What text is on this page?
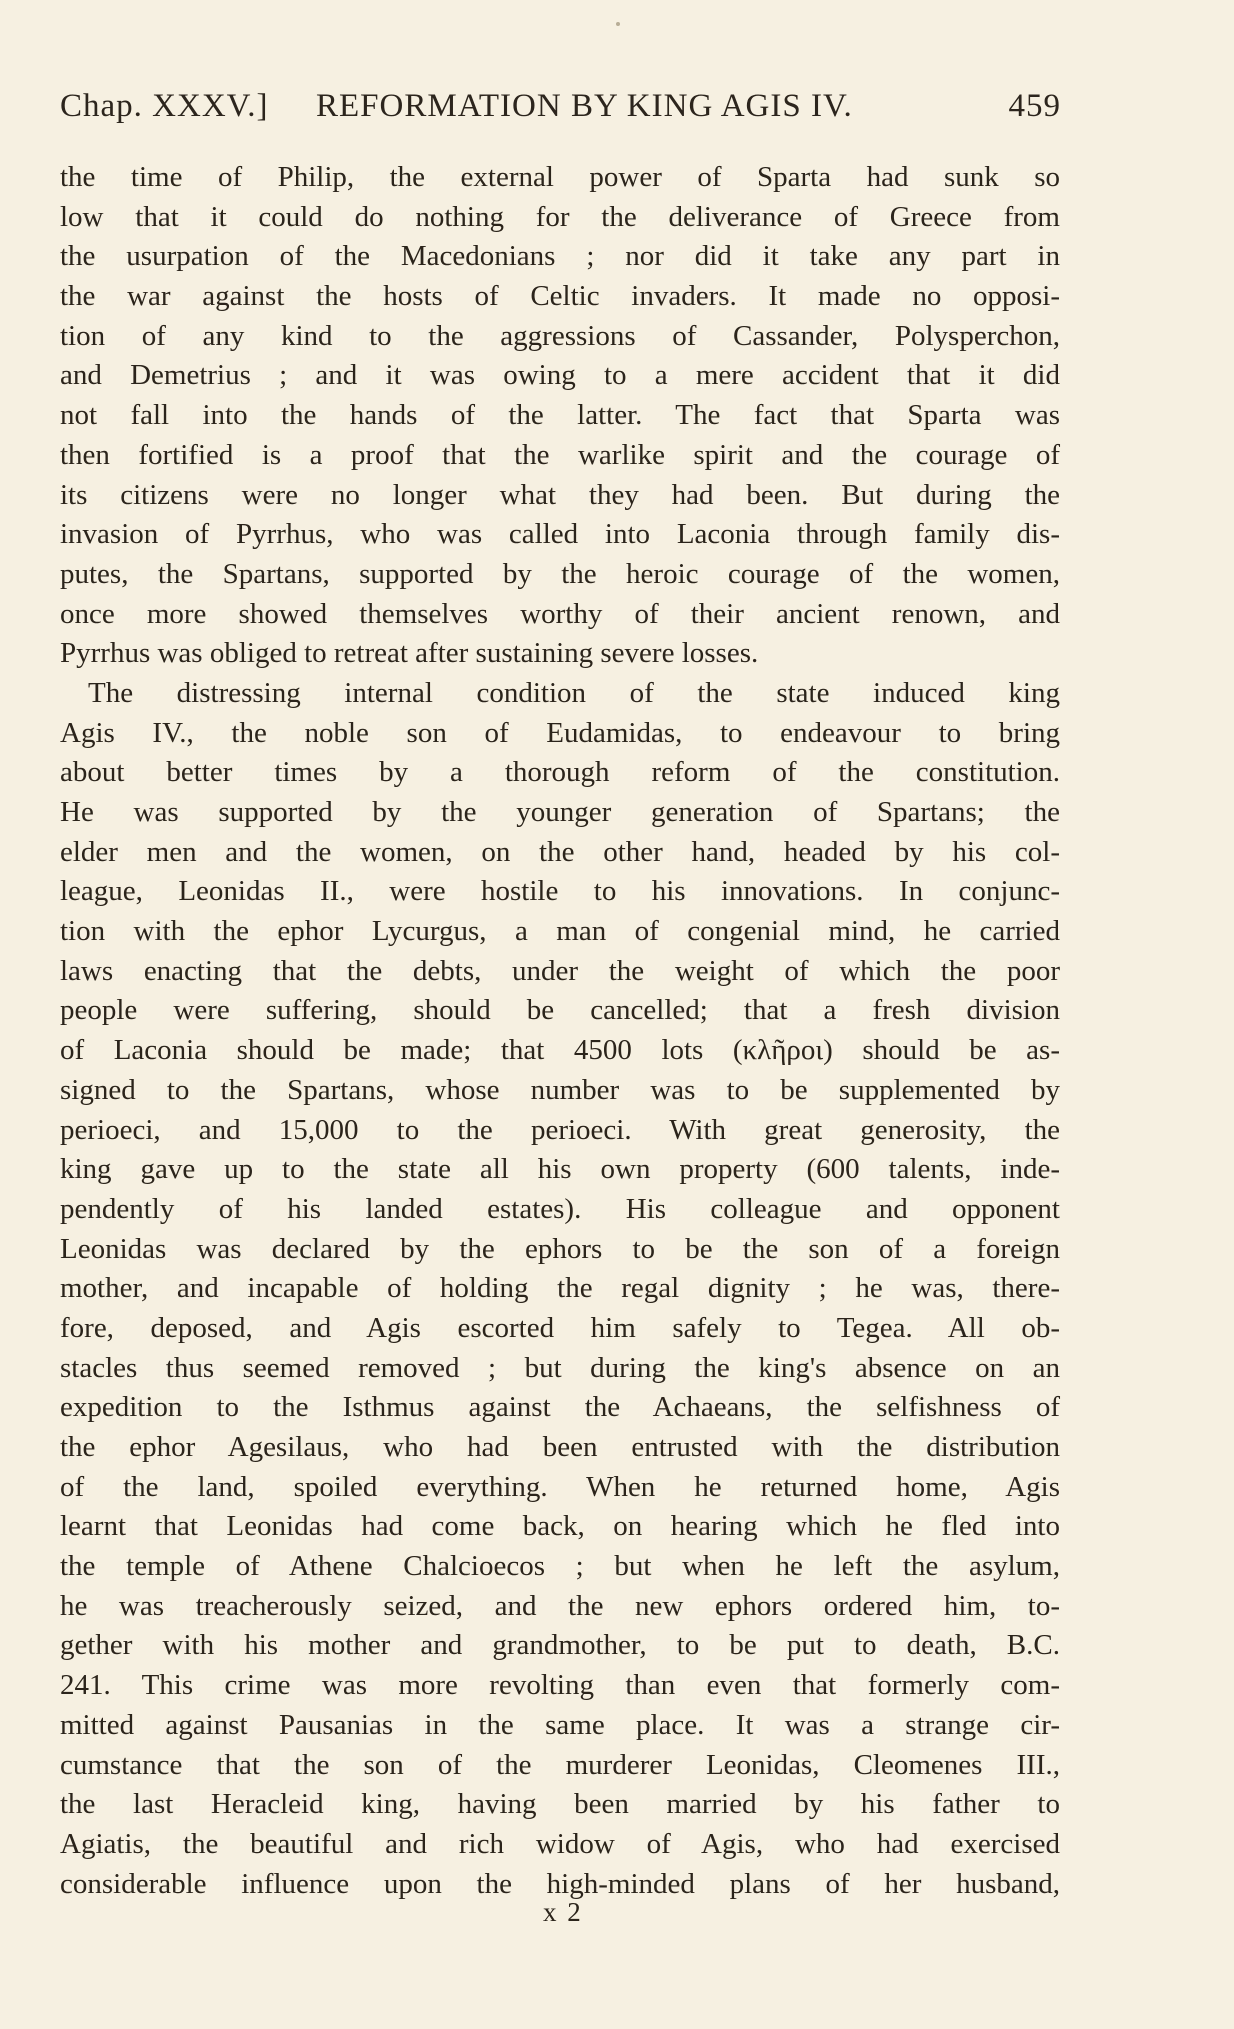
Chap. XXXV.] REFORMATION BY KING AGIS IV.	459
the time of Philip, the external power of Sparta had sunk so
low that it could do nothing for the deliverance of Greece from
the usurpation of the Macedonians ; nor did it take any part in
the war against the hosts of Celtic invaders. It made no opposi-
tion of any kind to the aggressions of Cassander, Polysperchon,
and Demetrius ; and it was owing to a mere accident that it did
not fall into the hands of the latter. The fact that Sparta was
then fortified is a proof that the warlike spirit and the courage of
its citizens were no longer what they had been. But during the
invasion of Pyrrhus, who was called into Laconia through family dis-
putes, the Spartans, supported by the heroic courage of the women,
once more showed themselves worthy of their ancient renown, and
Pyrrhus was obliged to retreat after sustaining severe losses.
The distressing internal condition of the state induced king
Agis IV., the noble son of Eudamidas, to endeavour to bring
about better times by a thorough reform of the constitution.
He was supported by the younger generation of Spartans; the
elder men and the women, on the other hand, headed by his col-
league, Leonidas II., were hostile to his innovations. In conjunc-
tion with the ephor Lycurgus, a man of congenial mind, he carried
laws enacting that the debts, under the weight of which the poor
people were suffering, should be cancelled; that a fresh division
of Laconia should be made; that 4500 lots (κλῆροι) should be as-
signed to the Spartans, whose number was to be supplemented by
perioeci, and 15,000 to the perioeci. With great generosity, the
king gave up to the state all his own property (600 talents, inde-
pendently of his landed estates). His colleague and opponent
Leonidas was declared by the ephors to be the son of a foreign
mother, and incapable of holding the regal dignity ; he was, there-
fore, deposed, and Agis escorted him safely to Tegea. All ob-
stacles thus seemed removed ; but during the king's absence on an
expedition to the Isthmus against the Achaeans, the selfishness of
the ephor Agesilaus, who had been entrusted with the distribution
of the land, spoiled everything. When he returned home, Agis
learnt that Leonidas had come back, on hearing which he fled into
the temple of Athene Chalcioecos ; but when he left the asylum,
he was treacherously seized, and the new ephors ordered him, to-
gether with his mother and grandmother, to be put to death, B.C.
241. This crime was more revolting than even that formerly com-
mitted against Pausanias in the same place. It was a strange cir-
cumstance that the son of the murderer Leonidas, Cleomenes III.,
the last Heracleid king, having been married by his father to
Agiatis, the beautiful and rich widow of Agis, who had exercised
considerable influence upon the high-minded plans of her husband,
x 2
